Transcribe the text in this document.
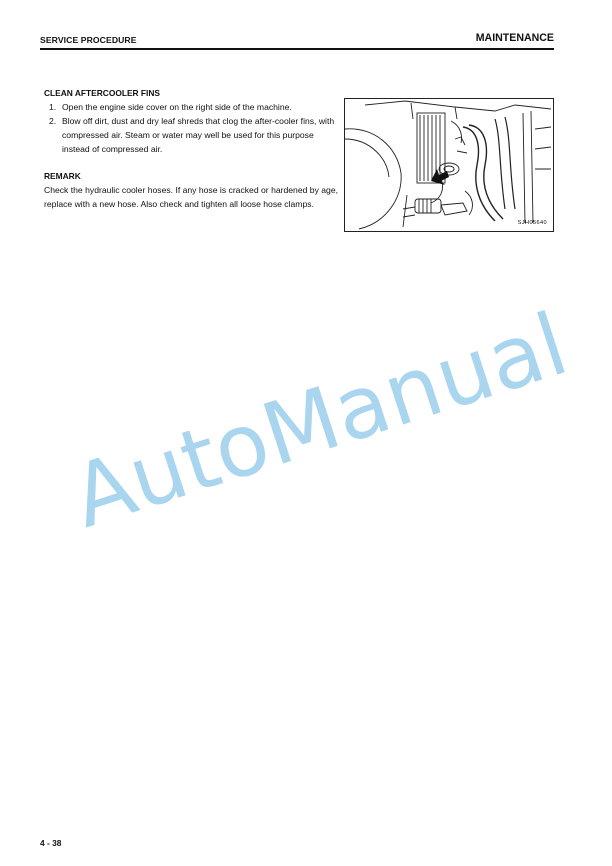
SERVICE PROCEDURE	MAINTENANCE
CLEAN AFTERCOOLER FINS
1. Open the engine side cover on the right side of the machine.
2. Blow off dirt, dust and dry leaf shreds that clog the after-cooler fins, with compressed air. Steam or water may well be used for this purpose instead of compressed air.
REMARK
Check the hydraulic cooler hoses. If any hose is cracked or hardened by age, replace with a new hose. Also check and tighten all loose hose clamps.
SJH05640
AutoManual
4 - 38
